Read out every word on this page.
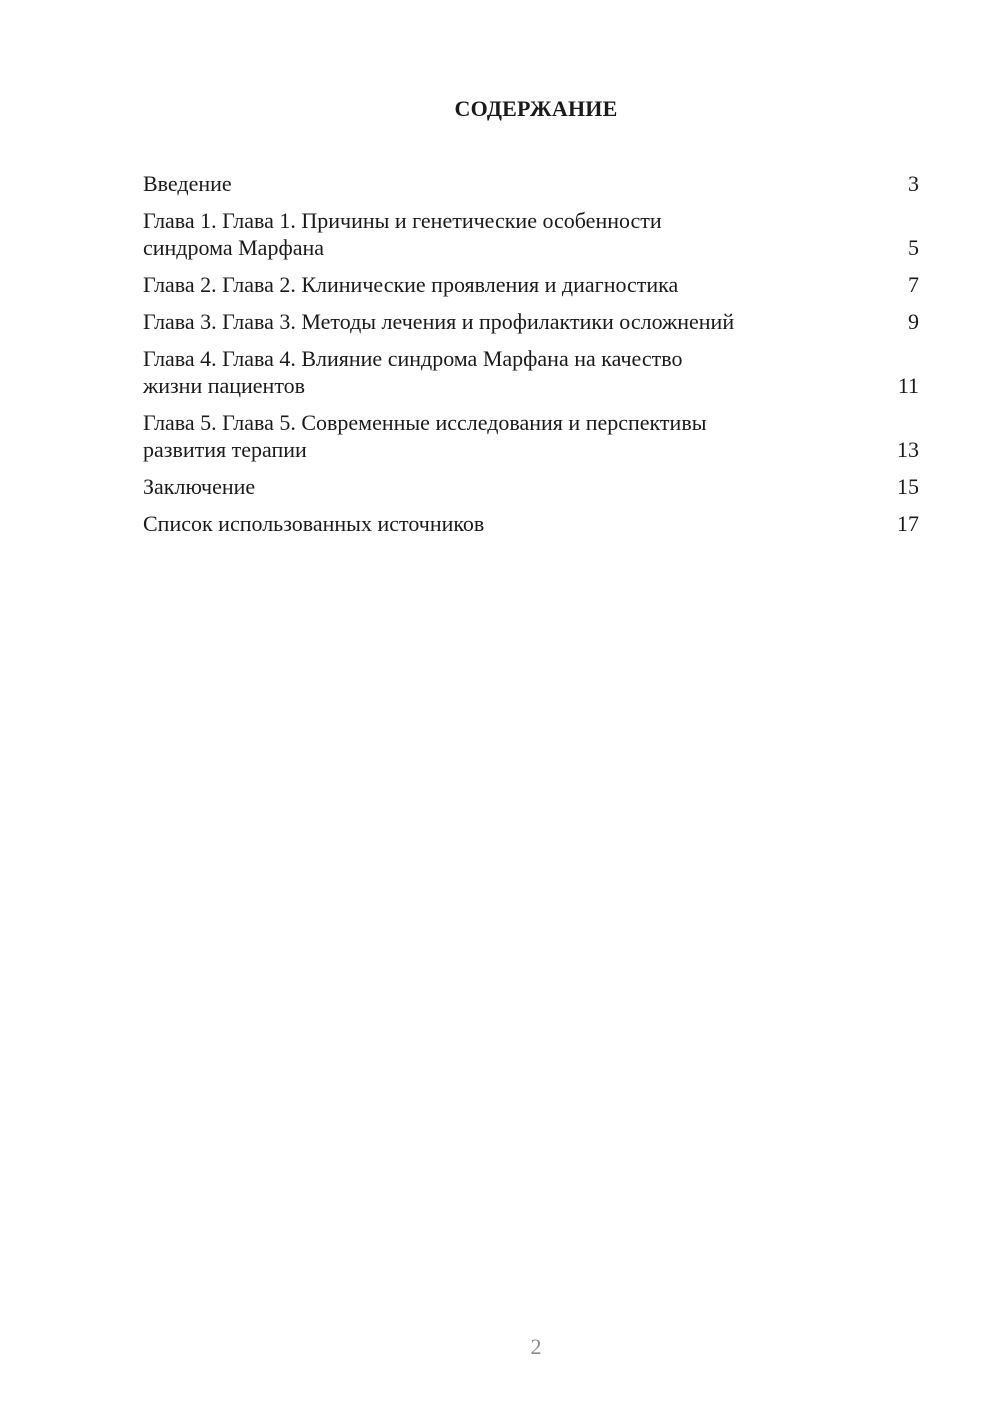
СОДЕРЖАНИЕ
Введение	3
Глава 1. Глава 1. Причины и генетические особенности
синдрома Марфана	5
Глава 2. Глава 2. Клинические проявления и диагностика	7
Глава 3. Глава 3. Методы лечения и профилактики осложнений	9
Глава 4. Глава 4. Влияние синдрома Марфана на качество
жизни пациентов	11
Глава 5. Глава 5. Современные исследования и перспективы
развития терапии	13
Заключение	15
Список использованных источников	17
2
